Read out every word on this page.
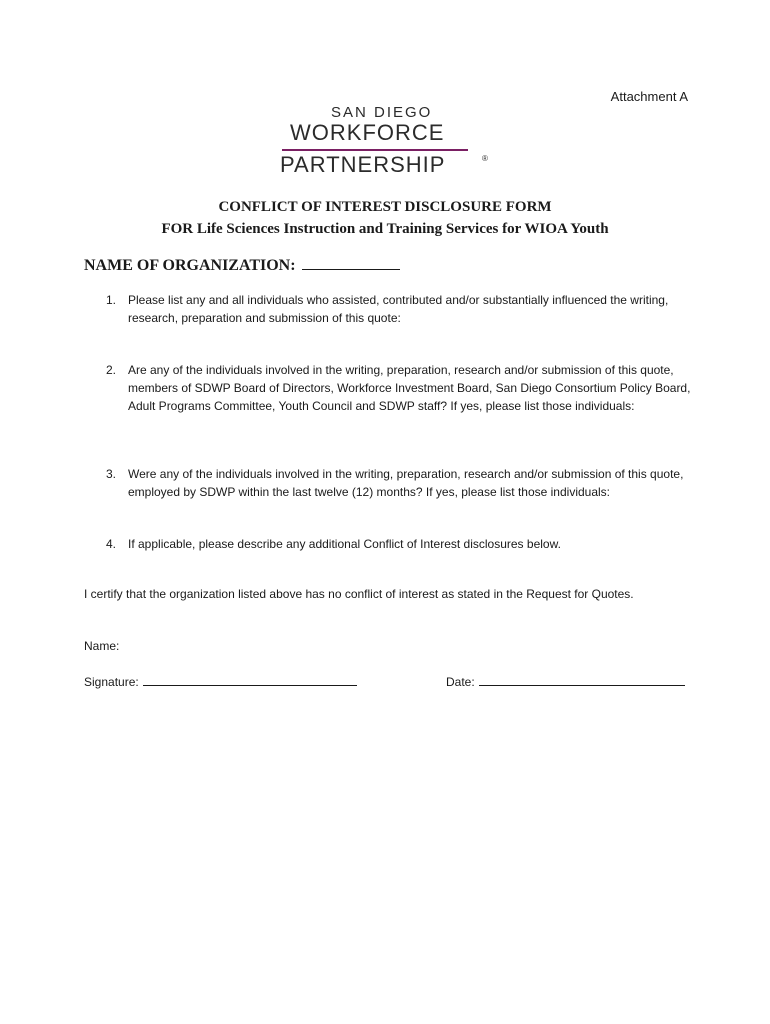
Attachment A
SAN DIEGO
WORKFORCE
PARTNERSHIP	®
CONFLICT OF INTEREST DISCLOSURE FORM
FOR Life Sciences Instruction and Training Services for WIOA Youth
NAME OF ORGANIZATION:
1. Please list any and all individuals who assisted, contributed and/or substantially influenced the writing, research, preparation and submission of this quote:
2. Are any of the individuals involved in the writing, preparation, research and/or submission of this quote, members of SDWP Board of Directors, Workforce Investment Board, San Diego Consortium Policy Board, Adult Programs Committee, Youth Council and SDWP staff? If yes, please list those individuals:
3. Were any of the individuals involved in the writing, preparation, research and/or submission of this quote, employed by SDWP within the last twelve (12) months? If yes, please list those individuals:
4. If applicable, please describe any additional Conflict of Interest disclosures below.
I certify that the organization listed above has no conflict of interest as stated in the Request for Quotes.
Name:
Signature:	Date:
